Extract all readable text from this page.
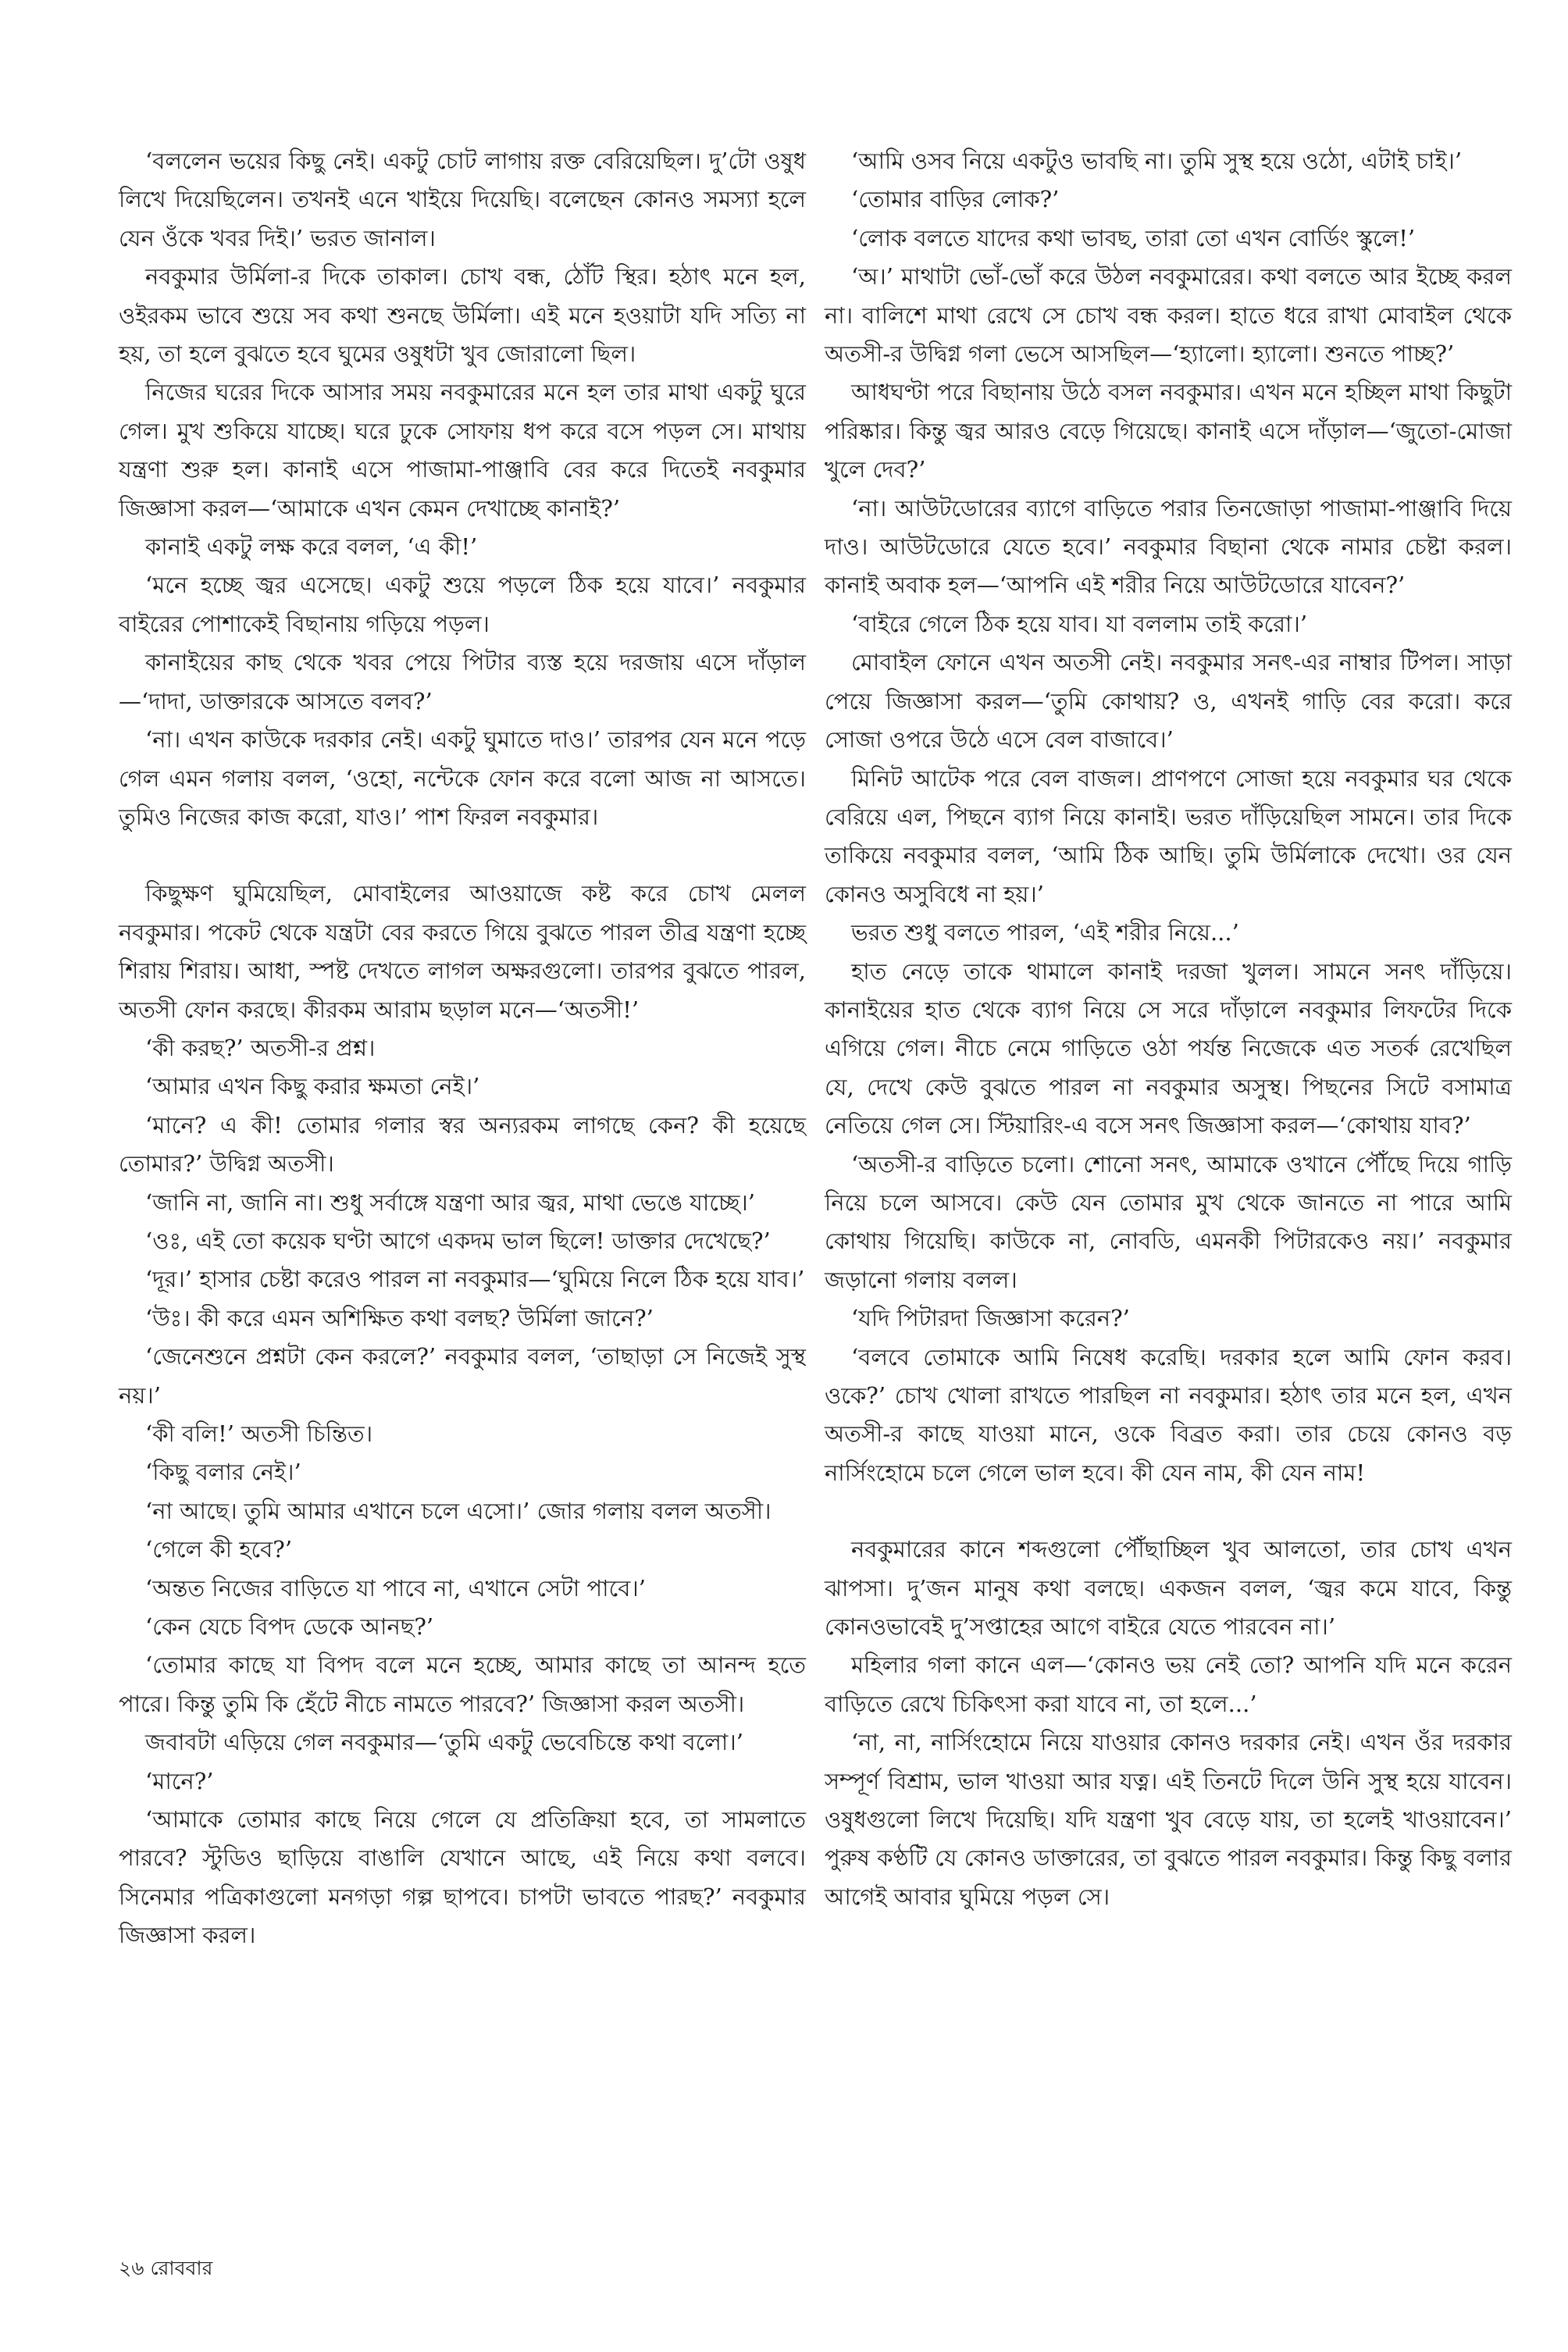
‘বললেন ভয়ের কিছু নেই। একটু চোট লাগায় রক্ত বেরিয়েছিল। দু’টো ওষুধ লিখে দিয়েছিলেন। তখনই এনে খাইয়ে দিয়েছি। বলেছেন কোনও সমস্যা হলে যেন ওঁকে খবর দিই।’ ভরত জানাল।

নবকুমার উর্মিলা-র দিকে তাকাল। চোখ বন্ধ, ঠোঁট স্থির। হঠাৎ মনে হল, ওইরকম ভাবে শুয়ে সব কথা শুনছে উর্মিলা। এই মনে হওয়াটা যদি সত্যি না হয়, তা হলে বুঝতে হবে ঘুমের ওষুধটা খুব জোরালো ছিল।

নিজের ঘরের দিকে আসার সময় নবকুমারের মনে হল তার মাথা একটু ঘুরে গেল। মুখ শুকিয়ে যাচ্ছে। ঘরে ঢুকে সোফায় ধপ করে বসে পড়ল সে। মাথায় যন্ত্রণা শুরু হল। কানাই এসে পাজামা-পাঞ্জাবি বের করে দিতেই নবকুমার জিজ্ঞাসা করল—‘আমাকে এখন কেমন দেখাচ্ছে কানাই?’

কানাই একটু লক্ষ করে বলল, ‘এ কী!’

‘মনে হচ্ছে জ্বর এসেছে। একটু শুয়ে পড়লে ঠিক হয়ে যাবে।’ নবকুমার বাইরের পোশাকেই বিছানায় গড়িয়ে পড়ল।

কানাইয়ের কাছ থেকে খবর পেয়ে পিটার ব্যস্ত হয়ে দরজায় এসে দাঁড়াল—‘দাদা, ডাক্তারকে আসতে বলব?’

‘না। এখন কাউকে দরকার নেই। একটু ঘুমাতে দাও।’ তারপর যেন মনে পড়ে গেল এমন গলায় বলল, ‘ওহো, নন্টেকে ফোন করে বলো আজ না আসতে। তুমিও নিজের কাজ করো, যাও।’ পাশ ফিরল নবকুমার।

কিছুক্ষণ ঘুমিয়েছিল, মোবাইলের আওয়াজে কষ্ট করে চোখ মেলল নবকুমার। পকেট থেকে যন্ত্রটা বের করতে গিয়ে বুঝতে পারল তীব্র যন্ত্রণা হচ্ছে শিরায় শিরায়। আধা, স্পষ্ট দেখতে লাগল অক্ষরগুলো। তারপর বুঝতে পারল, অতসী ফোন করছে। কীরকম আরাম ছড়াল মনে—‘অতসী!’

‘কী করছ?’ অতসী-র প্রশ্ন।

‘আমার এখন কিছু করার ক্ষমতা নেই।’

‘মানে? এ কী! তোমার গলার স্বর অন্যরকম লাগছে কেন? কী হয়েছে তোমার?’ উদ্বিগ্ন অতসী।

‘জানি না, জানি না। শুধু সর্বাঙ্গে যন্ত্রণা আর জ্বর, মাথা ভেঙে যাচ্ছে।’

‘ওঃ, এই তো কয়েক ঘণ্টা আগে একদম ভাল ছিলে! ডাক্তার দেখেছে?’

‘দূর।’ হাসার চেষ্টা করেও পারল না নবকুমার—‘ঘুমিয়ে নিলে ঠিক হয়ে যাব।’

‘উঃ। কী করে এমন অশিক্ষিত কথা বলছ? উর্মিলা জানে?’

‘জেনেশুনে প্রশ্নটা কেন করলে?’ নবকুমার বলল, ‘তাছাড়া সে নিজেই সুস্থ নয়।’

‘কী বলি!’ অতসী চিন্তিত।

‘কিছু বলার নেই।’

‘না আছে। তুমি আমার এখানে চলে এসো।’ জোর গলায় বলল অতসী।

‘গেলে কী হবে?’

‘অন্তত নিজের বাড়িতে যা পাবে না, এখানে সেটা পাবে।’

‘কেন যেচে বিপদ ডেকে আনছ?’

‘তোমার কাছে যা বিপদ বলে মনে হচ্ছে, আমার কাছে তা আনন্দ হতে পারে। কিন্তু তুমি কি হেঁটে নীচে নামতে পারবে?’ জিজ্ঞাসা করল অতসী।

জবাবটা এড়িয়ে গেল নবকুমার—‘তুমি একটু ভেবেচিন্তে কথা বলো।’

‘মানে?’

‘আমাকে তোমার কাছে নিয়ে গেলে যে প্রতিক্রিয়া হবে, তা সামলাতে পারবে? স্টুডিও ছাড়িয়ে বাঙালি যেখানে আছে, এই নিয়ে কথা বলবে। সিনেমার পত্রিকাগুলো মনগড়া গল্প ছাপবে। চাপটা ভাবতে পারছ?’ নবকুমার জিজ্ঞাসা করল।

‘আমি ওসব নিয়ে একটুও ভাবছি না। তুমি সুস্থ হয়ে ওঠো, এটাই চাই।’

‘তোমার বাড়ির লোক?’

‘লোক বলতে যাদের কথা ভাবছ, তারা তো এখন বোর্ডিং স্কুলে!’

‘অ।’ মাথাটা ভোঁ-ভোঁ করে উঠল নবকুমারের। কথা বলতে আর ইচ্ছে করল না। বালিশে মাথা রেখে সে চোখ বন্ধ করল। হাতে ধরে রাখা মোবাইল থেকে অতসী-র উদ্বিগ্ন গলা ভেসে আসছিল—‘হ্যালো। হ্যালো। শুনতে পাচ্ছ?’

আধঘণ্টা পরে বিছানায় উঠে বসল নবকুমার। এখন মনে হচ্ছিল মাথা কিছুটা পরিষ্কার। কিন্তু জ্বর আরও বেড়ে গিয়েছে। কানাই এসে দাঁড়াল—‘জুতো-মোজা খুলে দেব?’

‘না। আউটডোরের ব্যাগে বাড়িতে পরার তিনজোড়া পাজামা-পাঞ্জাবি দিয়ে দাও। আউটডোরে যেতে হবে।’ নবকুমার বিছানা থেকে নামার চেষ্টা করল। কানাই অবাক হল—‘আপনি এই শরীর নিয়ে আউটডোরে যাবেন?’

‘বাইরে গেলে ঠিক হয়ে যাব। যা বললাম তাই করো।’

মোবাইল ফোনে এখন অতসী নেই। নবকুমার সনৎ-এর নাম্বার টিপল। সাড়া পেয়ে জিজ্ঞাসা করল—‘তুমি কোথায়? ও, এখনই গাড়ি বের করো। করে সোজা ওপরে উঠে এসে বেল বাজাবে।’

মিনিট আটেক পরে বেল বাজল। প্রাণপণে সোজা হয়ে নবকুমার ঘর থেকে বেরিয়ে এল, পিছনে ব্যাগ নিয়ে কানাই। ভরত দাঁড়িয়েছিল সামনে। তার দিকে তাকিয়ে নবকুমার বলল, ‘আমি ঠিক আছি। তুমি উর্মিলাকে দেখো। ওর যেন কোনও অসুবিধে না হয়।’

ভরত শুধু বলতে পারল, ‘এই শরীর নিয়ে...’

হাত নেড়ে তাকে থামালে কানাই দরজা খুলল। সামনে সনৎ দাঁড়িয়ে। কানাইয়ের হাত থেকে ব্যাগ নিয়ে সে সরে দাঁড়ালে নবকুমার লিফটের দিকে এগিয়ে গেল। নীচে নেমে গাড়িতে ওঠা পর্যন্ত নিজেকে এত সতর্ক রেখেছিল যে, দেখে কেউ বুঝতে পারল না নবকুমার অসুস্থ। পিছনের সিটে বসামাত্র নেতিয়ে গেল সে। স্টিয়ারিং-এ বসে সনৎ জিজ্ঞাসা করল—‘কোথায় যাব?’

‘অতসী-র বাড়িতে চলো। শোনো সনৎ, আমাকে ওখানে পৌঁছে দিয়ে গাড়ি নিয়ে চলে আসবে। কেউ যেন তোমার মুখ থেকে জানতে না পারে আমি কোথায় গিয়েছি। কাউকে না, নোবডি, এমনকী পিটারকেও নয়।’ নবকুমার জড়ানো গলায় বলল।

‘যদি পিটারদা জিজ্ঞাসা করেন?’

‘বলবে তোমাকে আমি নিষেধ করেছি। দরকার হলে আমি ফোন করব। ওকে?’ চোখ খোলা রাখতে পারছিল না নবকুমার। হঠাৎ তার মনে হল, এখন অতসী-র কাছে যাওয়া মানে, ওকে বিব্রত করা। তার চেয়ে কোনও বড় নার্সিংহোমে চলে গেলে ভাল হবে। কী যেন নাম, কী যেন নাম!

নবকুমারের কানে শব্দগুলো পৌঁছাচ্ছিল খুব আলতো, তার চোখ এখন ঝাপসা। দু’জন মানুষ কথা বলছে। একজন বলল, ‘জ্বর কমে যাবে, কিন্তু কোনওভাবেই দু’সপ্তাহের আগে বাইরে যেতে পারবেন না।’

মহিলার গলা কানে এল—‘কোনও ভয় নেই তো? আপনি যদি মনে করেন বাড়িতে রেখে চিকিৎসা করা যাবে না, তা হলে...’

‘না, না, নার্সিংহোমে নিয়ে যাওয়ার কোনও দরকার নেই। এখন ওঁর দরকার সম্পূর্ণ বিশ্রাম, ভাল খাওয়া আর যত্ন। এই তিনটে দিলে উনি সুস্থ হয়ে যাবেন। ওষুধগুলো লিখে দিয়েছি। যদি যন্ত্রণা খুব বেড়ে যায়, তা হলেই খাওয়াবেন।’ পুরুষ কণ্ঠটি যে কোনও ডাক্তারের, তা বুঝতে পারল নবকুমার। কিন্তু কিছু বলার আগেই আবার ঘুমিয়ে পড়ল সে।

২৬ রোববার
